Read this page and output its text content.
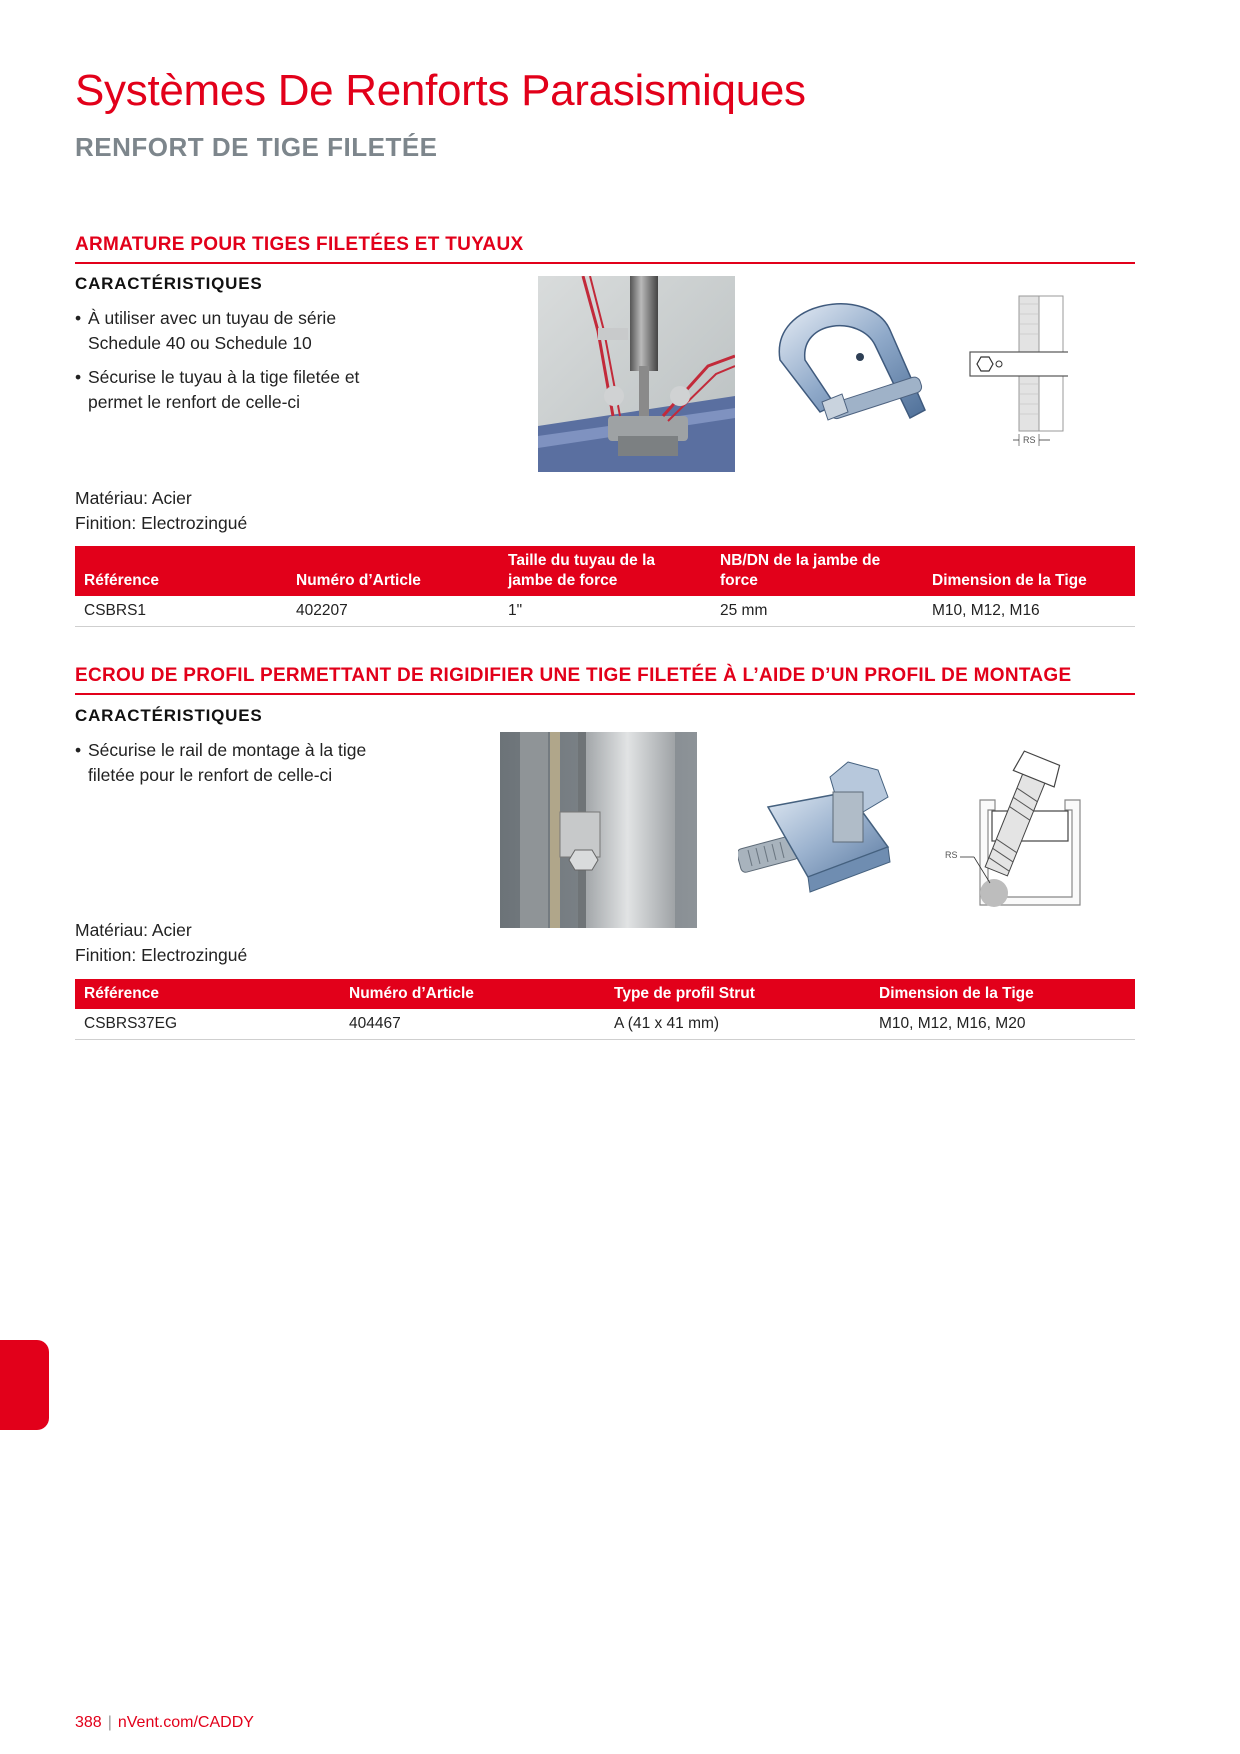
Systèmes De Renforts Parasismiques
RENFORT DE TIGE FILETÉE
ARMATURE POUR TIGES FILETÉES ET TUYAUX
CARACTÉRISTIQUES
• À utiliser avec un tuyau de série Schedule 40 ou Schedule 10
• Sécurise le tuyau à la tige filetée et permet le renfort de celle-ci
RS
Matériau: Acier
Finition: Electrozingué
Référence	Numéro d’Article	Taille du tuyau de la jambe de force	NB/DN de la jambe de force	Dimension de la Tige
CSBRS1	402207	1"	25 mm	M10, M12, M16
ECROU DE PROFIL PERMETTANT DE RIGIDIFIER UNE TIGE FILETÉE À L’AIDE D’UN PROFIL DE MONTAGE
CARACTÉRISTIQUES
• Sécurise le rail de montage à la tige filetée pour le renfort de celle-ci
RS
Matériau: Acier
Finition: Electrozingué
Référence	Numéro d’Article	Type de profil Strut	Dimension de la Tige
CSBRS37EG	404467	A (41 x 41 mm)	M10, M12, M16, M20
388 | nVent.com/CADDY
